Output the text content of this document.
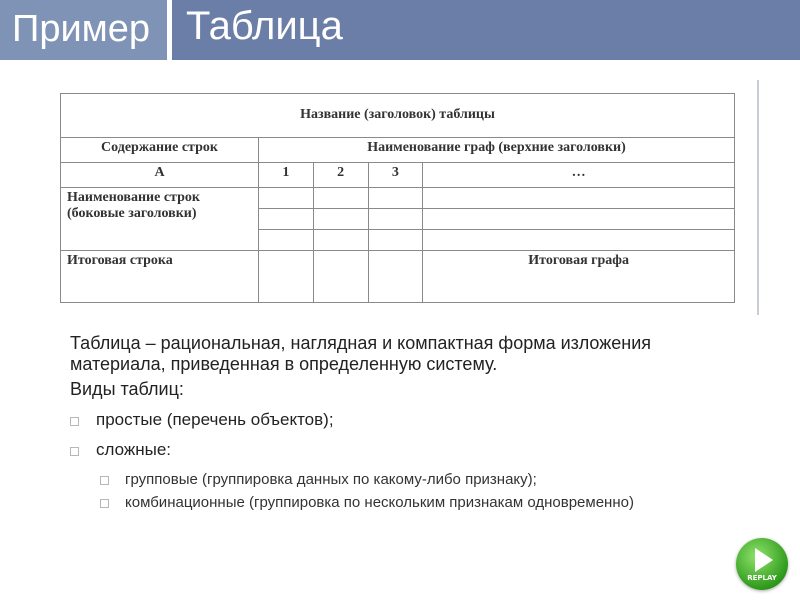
Пример Таблица
Название (заголовок) таблицы				
Содержание строк	Наименование граф (верхние заголовки)			
А	1	2	3	…
Наименование строк (боковые заголовки)				

Итоговая строка				Итоговая графа

Таблица – рациональная, наглядная и компактная форма изложения материала, приведенная в определенную систему.

Виды таблиц:

простые (перечень объектов);
сложные:
групповые (группировка данных по какому-либо признаку);
комбинационные (группировка по нескольким признакам одновременно)
REPLAY
